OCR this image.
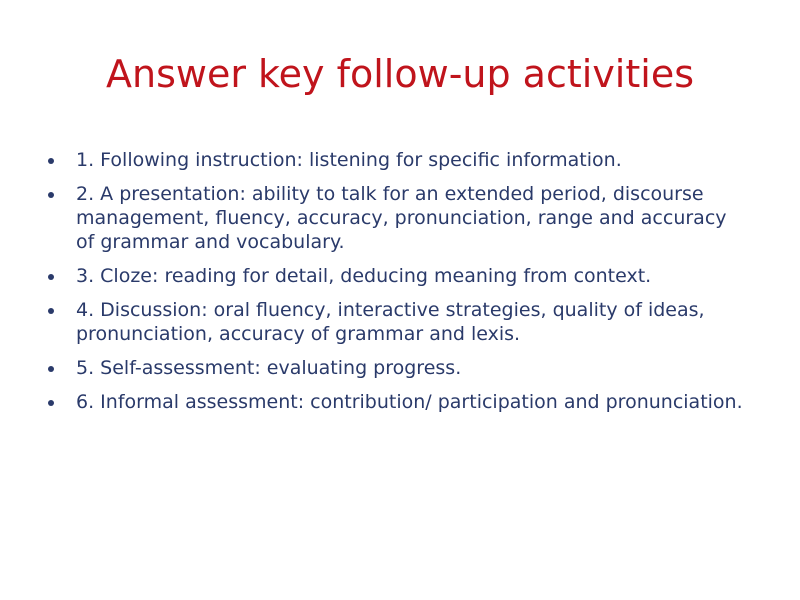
Answer key follow-up activities
1. Following instruction: listening for specific information.
2. A presentation: ability to talk for an extended period, discourse management, fluency, accuracy, pronunciation, range and accuracy of grammar and vocabulary.
3. Cloze: reading for detail, deducing meaning from context.
4. Discussion: oral fluency, interactive strategies, quality of ideas, pronunciation, accuracy of grammar and lexis.
5. Self-assessment: evaluating progress.
6. Informal assessment: contribution/ participation and pronunciation.
